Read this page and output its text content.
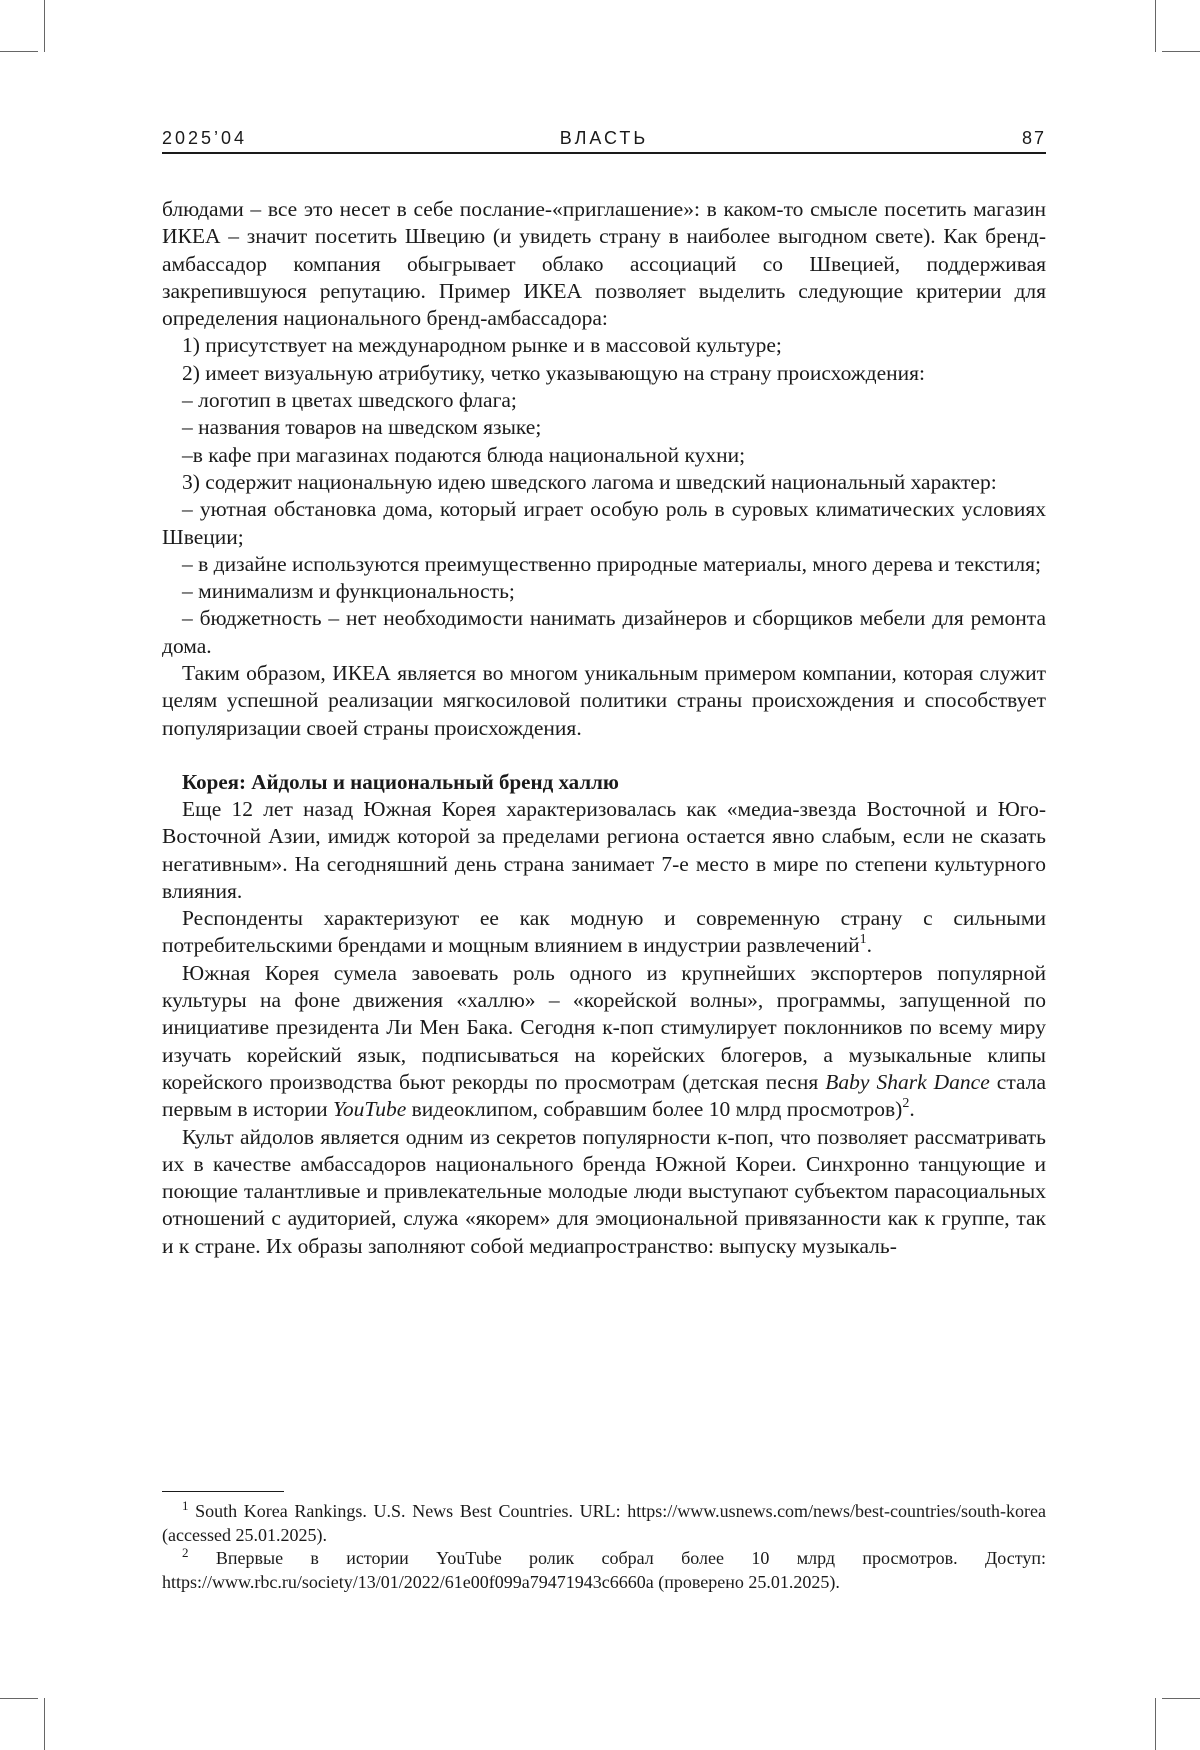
2025’04	ВЛАСТЬ	87

блюдами – все это несет в себе послание-«приглашение»: в каком-то смысле посетить магазин ИКЕА – значит посетить Швецию (и увидеть страну в наиболее выгодном свете). Как бренд-амбассадор компания обыгрывает облако ассоциаций со Швецией, поддерживая закрепившуюся репутацию. Пример ИКЕА позволяет выделить следующие критерии для определения национального бренд-амбассадора:

1) присутствует на международном рынке и в массовой культуре;

2) имеет визуальную атрибутику, четко указывающую на страну происхождения:

– логотип в цветах шведского флага;

– названия товаров на шведском языке;

–в кафе при магазинах подаются блюда национальной кухни;

3) содержит национальную идею шведского лагома и шведский национальный характер:

– уютная обстановка дома, который играет особую роль в суровых климатических условиях Швеции;

– в дизайне используются преимущественно природные материалы, много дерева и текстиля;

– минимализм и функциональность;

– бюджетность – нет необходимости нанимать дизайнеров и сборщиков мебели для ремонта дома.

Таким образом, ИКЕА является во многом уникальным примером компании, которая служит целям успешной реализации мягкосиловой политики страны происхождения и способствует популяризации своей страны происхождения.

Корея: Айдолы и национальный бренд халлю

Еще 12 лет назад Южная Корея характеризовалась как «медиа-звезда Восточной и Юго-Восточной Азии, имидж которой за пределами региона остается явно слабым, если не сказать негативным». На сегодняшний день страна занимает 7-е место в мире по степени культурного влияния.

Респонденты характеризуют ее как модную и современную страну с сильными потребительскими брендами и мощным влиянием в индустрии развлечений$^1$.

Южная Корея сумела завоевать роль одного из крупнейших экспортеров популярной культуры на фоне движения «халлю» – «корейской волны», программы, запущенной по инициативе президента Ли Мен Бака. Сегодня к-поп стимулирует поклонников по всему миру изучать корейский язык, подписываться на корейских блогеров, а музыкальные клипы корейского производства бьют рекорды по просмотрам (детская песня Baby Shark Dance стала первым в истории YouTube видеоклипом, собравшим более 10 млрд просмотров)$^2$.

Культ айдолов является одним из секретов популярности к-поп, что позволяет рассматривать их в качестве амбассадоров национального бренда Южной Кореи. Синхронно танцующие и поющие талантливые и привлекательные молодые люди выступают субъектом парасоциальных отношений с аудиторией, служа «якорем» для эмоциональной привязанности как к группе, так и к стране. Их образы заполняют собой медиапространство: выпуску музыкаль-

$^1$ South Korea Rankings. U.S. News Best Countries. URL: https://www.usnews.com/news/best-countries/south-korea (accessed 25.01.2025).

$^2$ Впервые в истории YouTube ролик собрал более 10 млрд просмотров. Доступ: https://www.rbc.ru/society/13/01/2022/61e00f099a79471943c6660a (проверено 25.01.2025).
